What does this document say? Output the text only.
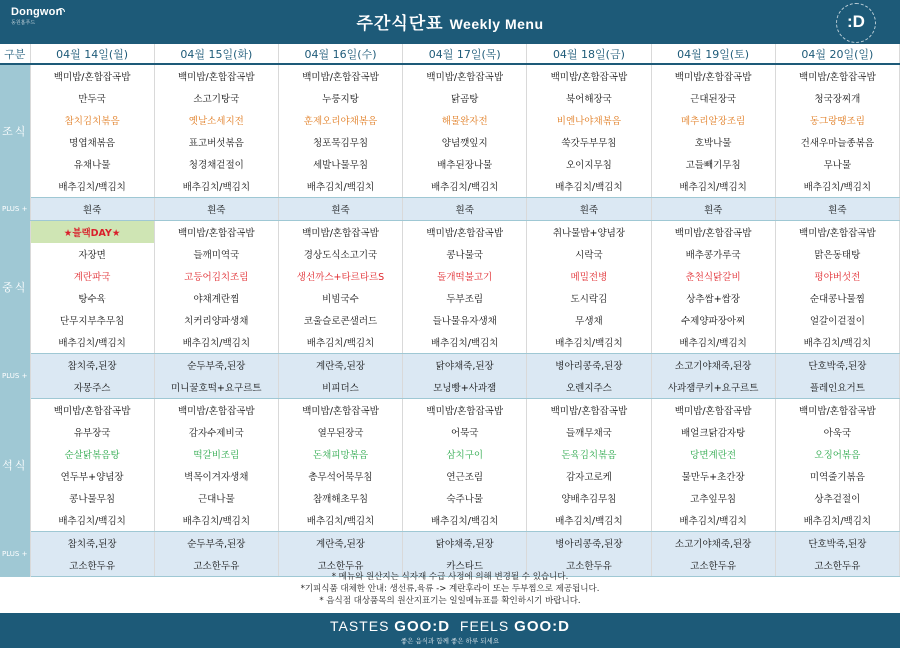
Dongwon
동원홈푸드	주간식단표 Weekly Menu	:D
구분	04월 14일(월)	04월 15일(화)	04월 16일(수)	04월 17일(목)	04월 18일(금)	04월 19일(토)	04월 20일(일)
조식	백미밥/혼합잡곡밥	백미밥/혼합잡곡밥	백미밥/혼합잡곡밥	백미밥/혼합잡곡밥	백미밥/혼합잡곡밥	백미밥/혼합잡곡밥	백미밥/혼합잡곡밥
	만두국	소고기탕국	누룽지탕	닭곰탕	북어해장국	근대된장국	청국장찌개
	참치김치볶음	옛날소세지전	훈제오리야채볶음	해물완자전	비엔나야채볶음	메추리알장조림	동그랑땡조림
	명엽채볶음	표고버섯볶음	청포묵김무침	양념깻잎지	쑥갓두부무침	호박나물	건새우마늘종볶음
	유채나물	청경채겉절이	세발나물무침	배추된장나물	오이지무침	고들빼기무침	무나물
	배추김치/백김치	배추김치/백김치	배추김치/백김치	배추김치/백김치	배추김치/백김치	배추김치/백김치	배추김치/백김치
PLUS +	흰죽	흰죽	흰죽	흰죽	흰죽	흰죽	흰죽
중식	★블랙DAY★	백미밥/혼합잡곡밥	백미밥/혼합잡곡밥	백미밥/혼합잡곡밥	취나물밥+양념장	백미밥/혼합잡곡밥	백미밥/혼합잡곡밥
	자장면	들깨미역국	경상도식소고기국	콩나물국	시락국	배추콩가루국	맑은동태탕
	계란파국	고등어김치조림	생선까스+타르타르S	돌개떡불고기	메밀전병	춘천식닭갈비	평야버섯전
	탕수육	야채계란찜	비빔국수	두부조림	도시락김	상추쌈+쌈장	순대콩나물찜
	단무지부추무침	치커리양파생채	코울슬로콘샐러드	들나물유자생채	무생채	수제양파장아찌	얼갈이겉절이
	배추김치/백김치	배추김치/백김치	배추김치/백김치	배추김치/백김치	배추김치/백김치	배추김치/백김치	배추김치/백김치
PLUS +	참치죽,된장	순두부죽,된장	계란죽,된장	닭야채죽,된장	병아리콩죽,된장	소고기야채죽,된장	단호박죽,된장
	자몽주스	미니꿀호떡+요구르트	비피더스	모닝빵+사과잼	오렌지주스	사과잼쿠키+요구르트	플레인요거트
석식	백미밥/혼합잡곡밥	백미밥/혼합잡곡밥	백미밥/혼합잡곡밥	백미밥/혼합잡곡밥	백미밥/혼합잡곡밥	백미밥/혼합잡곡밥	백미밥/혼합잡곡밥
	유부장국	감자수제비국	열무된장국	어묵국	들깨무채국	배얼크닭감자탕	아욱국
	순살닭볶음탕	떡갈비조림	돈채피망볶음	삼치구이	돈육김치볶음	당면계란전	오징어볶음
	연두부+양념장	벽목이겨자생채	총무석어묵무침	연근조림	감자고로케	물만두+초간장	미역줄기볶음
	콩나물무침	근대나물	참깨해초무침	숙주나물	양배추김무침	고추잎무침	상추겉절이
	배추김치/백김치	배추김치/백김치	배추김치/백김치	배추김치/백김치	배추김치/백김치	배추김치/백김치	배추김치/백김치
PLUS +	참치죽,된장	순두부죽,된장	계란죽,된장	닭야채죽,된장	병아리콩죽,된장	소고기야채죽,된장	단호박죽,된장
	고소한두유	고소한두유	고소한두유	카스타드	고소한두유	고소한두유	고소한두유
* 메뉴와 원산지는 식자재 수급 사정에 의해 변경될 수 있습니다.
*기피식품 대체한 안내: 생선류,육류 -> 계란후라이 또는 두부찜으로 제공됩니다.
* 음식점 대상품목의 원산지표기는 일일메뉴표를 확인하시기 바랍니다.
TASTES GOO:D FEELS GOO:D
좋은 음식과 함께 좋은 하루 되세요
